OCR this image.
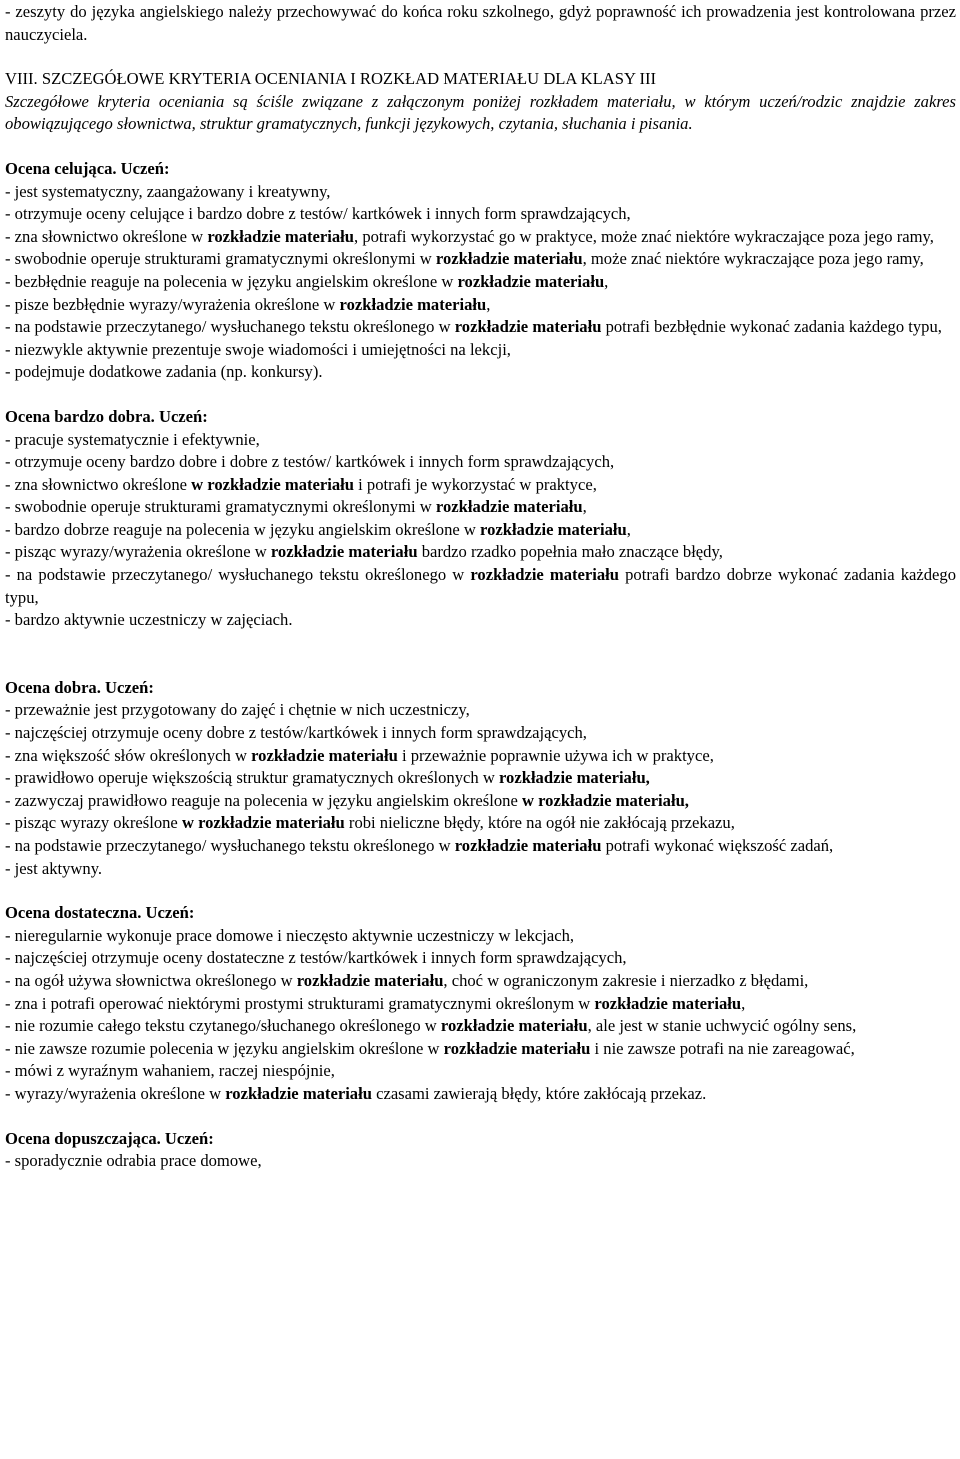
- zeszyty do języka angielskiego należy przechowywać do końca roku szkolnego, gdyż poprawność ich prowadzenia jest kontrolowana przez nauczyciela.

VIII. SZCZEGÓŁOWE KRYTERIA OCENIANIA I ROZKŁAD MATERIAŁU DLA KLASY III

Szczegółowe kryteria oceniania są ściśle związane z załączonym poniżej rozkładem materiału, w którym uczeń/rodzic znajdzie zakres obowiązującego słownictwa, struktur gramatycznych, funkcji językowych, czytania, słuchania i pisania.

Ocena celująca. Uczeń:

- jest systematyczny, zaangażowany i kreatywny,

- otrzymuje oceny celujące i bardzo dobre z testów/ kartkówek i innych form sprawdzających,

- zna słownictwo określone w rozkładzie materiału, potrafi wykorzystać go w praktyce, może znać niektóre wykraczające poza jego ramy,

- swobodnie operuje strukturami gramatycznymi określonymi w rozkładzie materiału, może znać niektóre wykraczające poza jego ramy,

- bezbłędnie reaguje na polecenia w języku angielskim określone w rozkładzie materiału,

- pisze bezbłędnie wyrazy/wyrażenia określone w rozkładzie materiału,

- na podstawie przeczytanego/ wysłuchanego tekstu określonego w rozkładzie materiału potrafi bezbłędnie wykonać zadania każdego typu,

- niezwykle aktywnie prezentuje swoje wiadomości i umiejętności na lekcji,

- podejmuje dodatkowe zadania (np. konkursy).

Ocena bardzo dobra. Uczeń:

- pracuje systematycznie i efektywnie,

- otrzymuje oceny bardzo dobre i dobre z testów/ kartkówek i innych form sprawdzających,

- zna słownictwo określone w rozkładzie materiału i potrafi je wykorzystać w praktyce,

- swobodnie operuje strukturami gramatycznymi określonymi w rozkładzie materiału,

- bardzo dobrze reaguje na polecenia w języku angielskim określone w rozkładzie materiału,

- pisząc wyrazy/wyrażenia określone w rozkładzie materiału bardzo rzadko popełnia mało znaczące błędy,

- na podstawie przeczytanego/ wysłuchanego tekstu określonego w rozkładzie materiału potrafi bardzo dobrze wykonać zadania każdego typu,

- bardzo aktywnie uczestniczy w zajęciach.

Ocena dobra. Uczeń:

- przeważnie jest przygotowany do zajęć i chętnie w nich uczestniczy,

- najczęściej otrzymuje oceny dobre z testów/kartkówek i innych form sprawdzających,

- zna większość słów określonych w rozkładzie materiału i przeważnie poprawnie używa ich w praktyce,

- prawidłowo operuje większością struktur gramatycznych określonych w rozkładzie materiału,

- zazwyczaj prawidłowo reaguje na polecenia w języku angielskim określone w rozkładzie materiału,

- pisząc wyrazy określone w rozkładzie materiału robi nieliczne błędy, które na ogół nie zakłócają przekazu,

- na podstawie przeczytanego/ wysłuchanego tekstu określonego w rozkładzie materiału potrafi wykonać większość zadań,

- jest aktywny.

Ocena dostateczna. Uczeń:

- nieregularnie wykonuje prace domowe i nieczęsto aktywnie uczestniczy w lekcjach,

- najczęściej otrzymuje oceny dostateczne z testów/kartkówek i innych form sprawdzających,

- na ogół używa słownictwa określonego w rozkładzie materiału, choć w ograniczonym zakresie i nierzadko z błędami,

- zna i potrafi operować niektórymi prostymi strukturami gramatycznymi określonym w rozkładzie materiału,

- nie rozumie całego tekstu czytanego/słuchanego określonego w rozkładzie materiału, ale jest w stanie uchwycić ogólny sens,

- nie zawsze rozumie polecenia w języku angielskim określone w rozkładzie materiału i nie zawsze potrafi na nie zareagować,

- mówi z wyraźnym wahaniem, raczej niespójnie,

- wyrazy/wyrażenia określone w rozkładzie materiału czasami zawierają błędy, które zakłócają przekaz.

Ocena dopuszczająca. Uczeń:

- sporadycznie odrabia prace domowe,
